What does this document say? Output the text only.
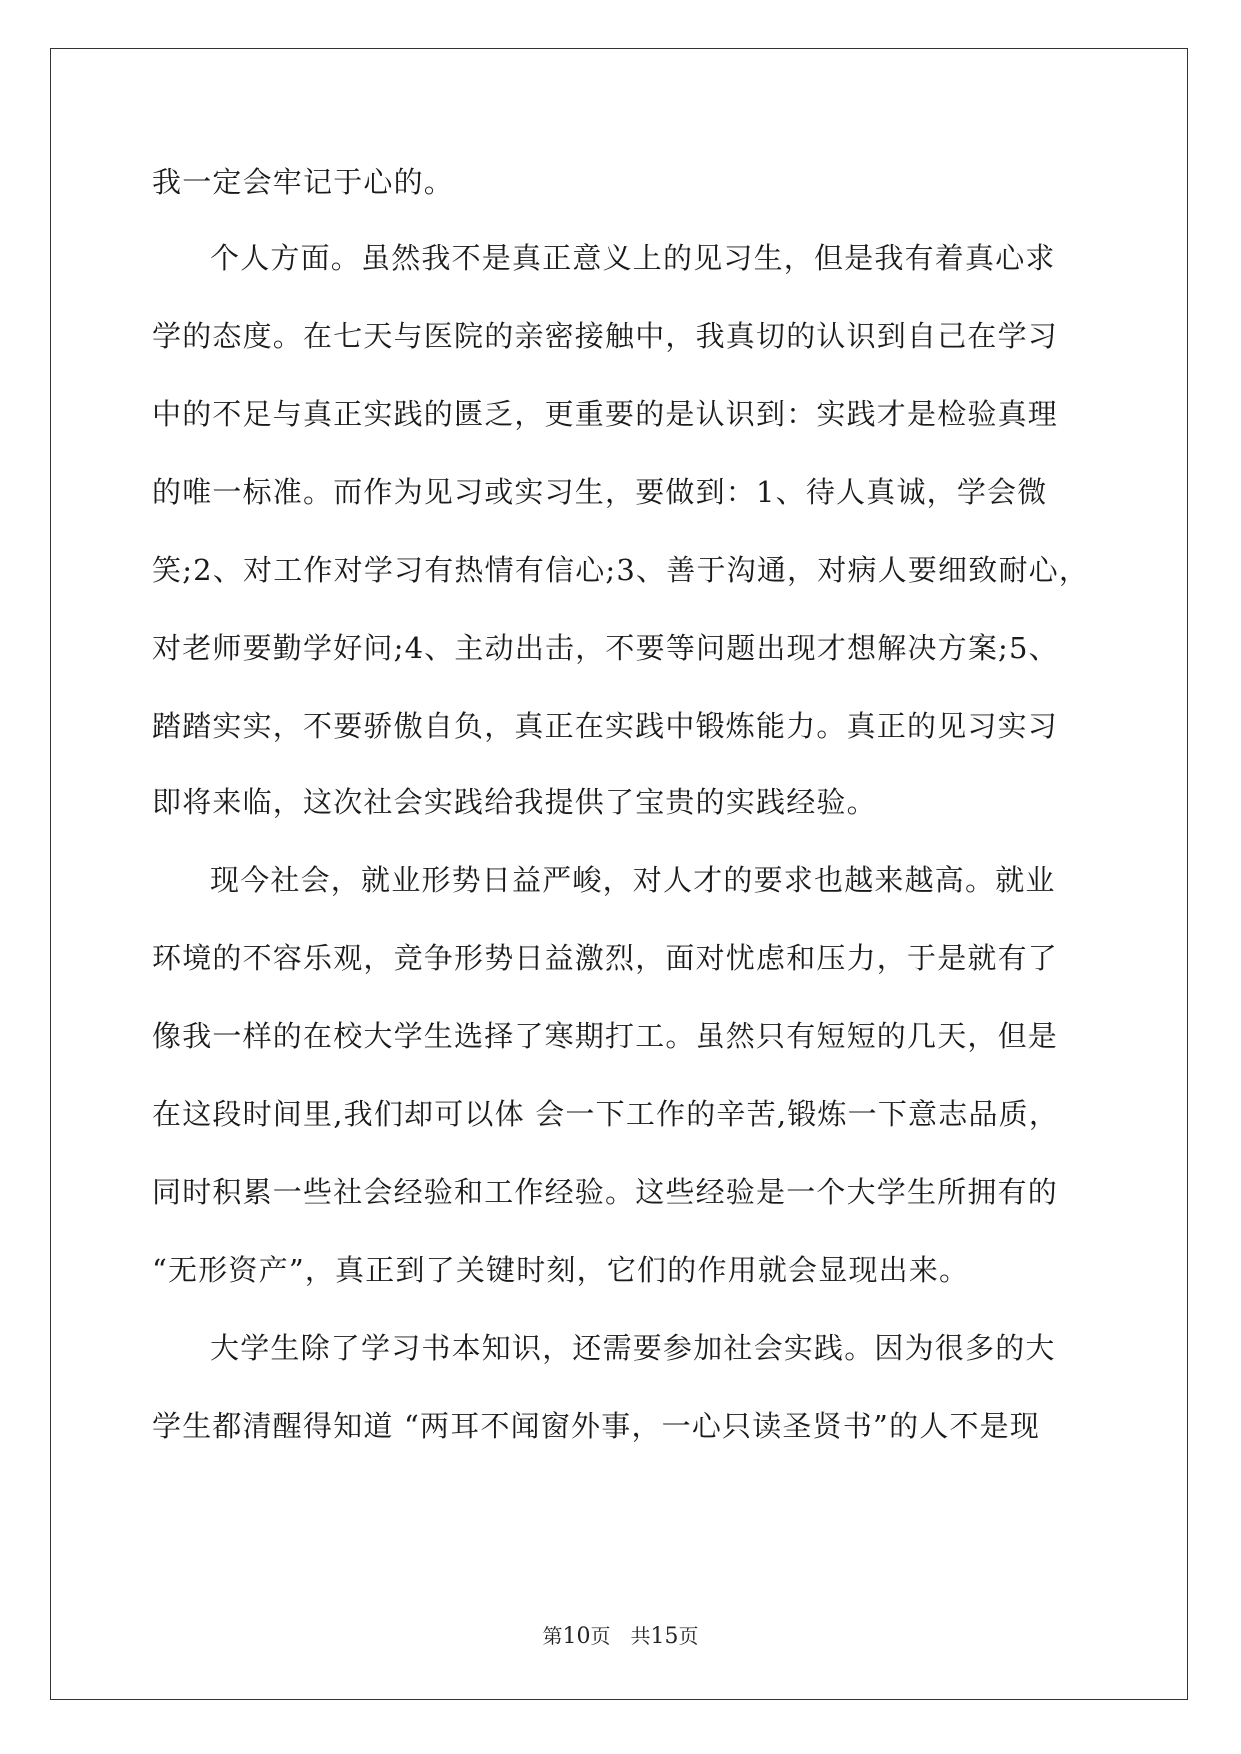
我一定会牢记于心的。
个人方面。虽然我不是真正意义上的见习生，但是我有着真心求
学的态度。在七天与医院的亲密接触中，我真切的认识到自己在学习
中的不足与真正实践的匮乏，更重要的是认识到：实践才是检验真理
的唯一标准。而作为见习或实习生，要做到：1、待人真诚，学会微
笑;2、对工作对学习有热情有信心;3、善于沟通，对病人要细致耐心，
对老师要勤学好问;4、主动出击，不要等问题出现才想解决方案;5、
踏踏实实，不要骄傲自负，真正在实践中锻炼能力。真正的见习实习
即将来临，这次社会实践给我提供了宝贵的实践经验。
现今社会，就业形势日益严峻，对人才的要求也越来越高。就业
环境的不容乐观，竞争形势日益激烈，面对忧虑和压力，于是就有了
像我一样的在校大学生选择了寒期打工。虽然只有短短的几天，但是
在这段时间里,我们却可以体 会一下工作的辛苦,锻炼一下意志品质，
同时积累一些社会经验和工作经验。这些经验是一个大学生所拥有的
“无形资产”，真正到了关键时刻，它们的作用就会显现出来。
大学生除了学习书本知识，还需要参加社会实践。因为很多的大
学生都清醒得知道 “两耳不闻窗外事，一心只读圣贤书”的人不是现
第10页 共15页
